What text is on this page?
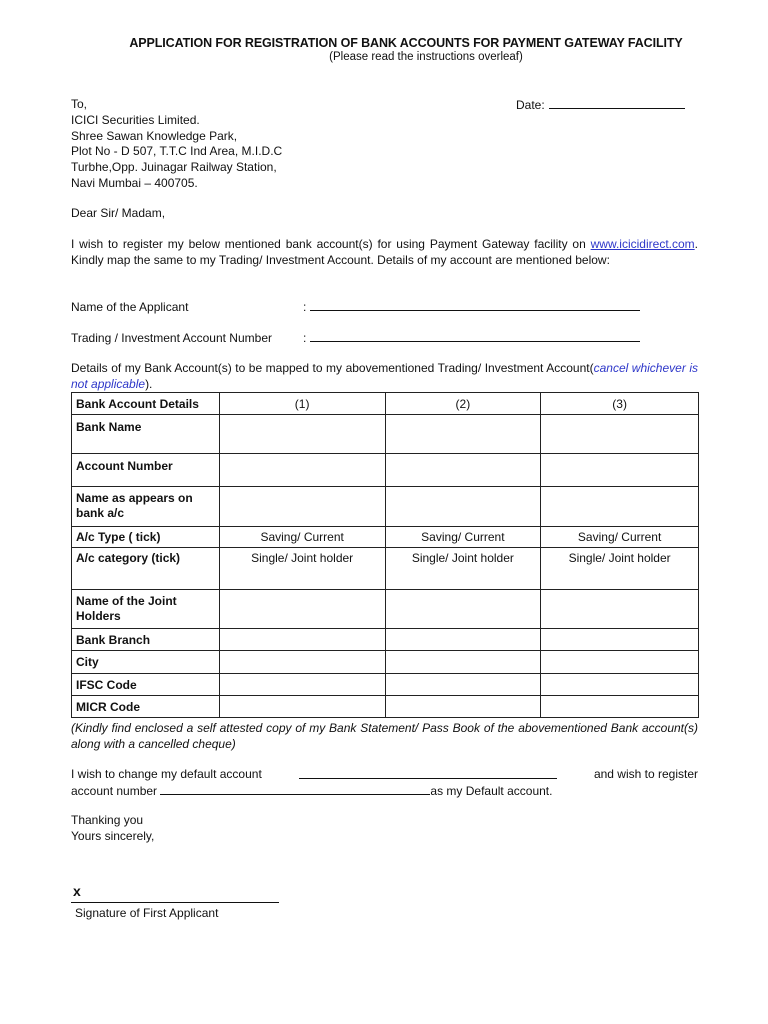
APPLICATION FOR REGISTRATION OF BANK ACCOUNTS FOR PAYMENT GATEWAY FACILITY
(Please read the instructions overleaf)
To,
ICICI Securities Limited.
Shree Sawan Knowledge Park,
Plot No - D 507, T.T.C Ind Area, M.I.D.C
Turbhe,Opp. Juinagar Railway Station,
Navi Mumbai – 400705.
Date:
Dear Sir/ Madam,
I wish to register my below mentioned bank account(s) for using Payment Gateway facility on www.icicidirect.com. Kindly map the same to my Trading/ Investment Account. Details of my account are mentioned below:
Name of the Applicant	:
Trading / Investment Account Number	:
Details of my Bank Account(s) to be mapped to my abovementioned Trading/ Investment Account(cancel whichever is not applicable).
Bank Account Details	(1)	(2)	(3)
Bank Name			
Account Number			
Name as appears on bank a/c			
A/c Type ( tick)	Saving/ Current	Saving/ Current	Saving/ Current
A/c category (tick)	Single/ Joint holder	Single/ Joint holder	Single/ Joint holder
Name of the Joint Holders			
Bank Branch			
City			
IFSC Code			
MICR Code			
(Kindly find enclosed a self attested copy of my Bank Statement/ Pass Book of the abovementioned Bank account(s) along with a cancelled cheque)
I wish to change my default account	and wish to register
account number	as my Default account.
Thanking you
Yours sincerely,
x
Signature of First Applicant
